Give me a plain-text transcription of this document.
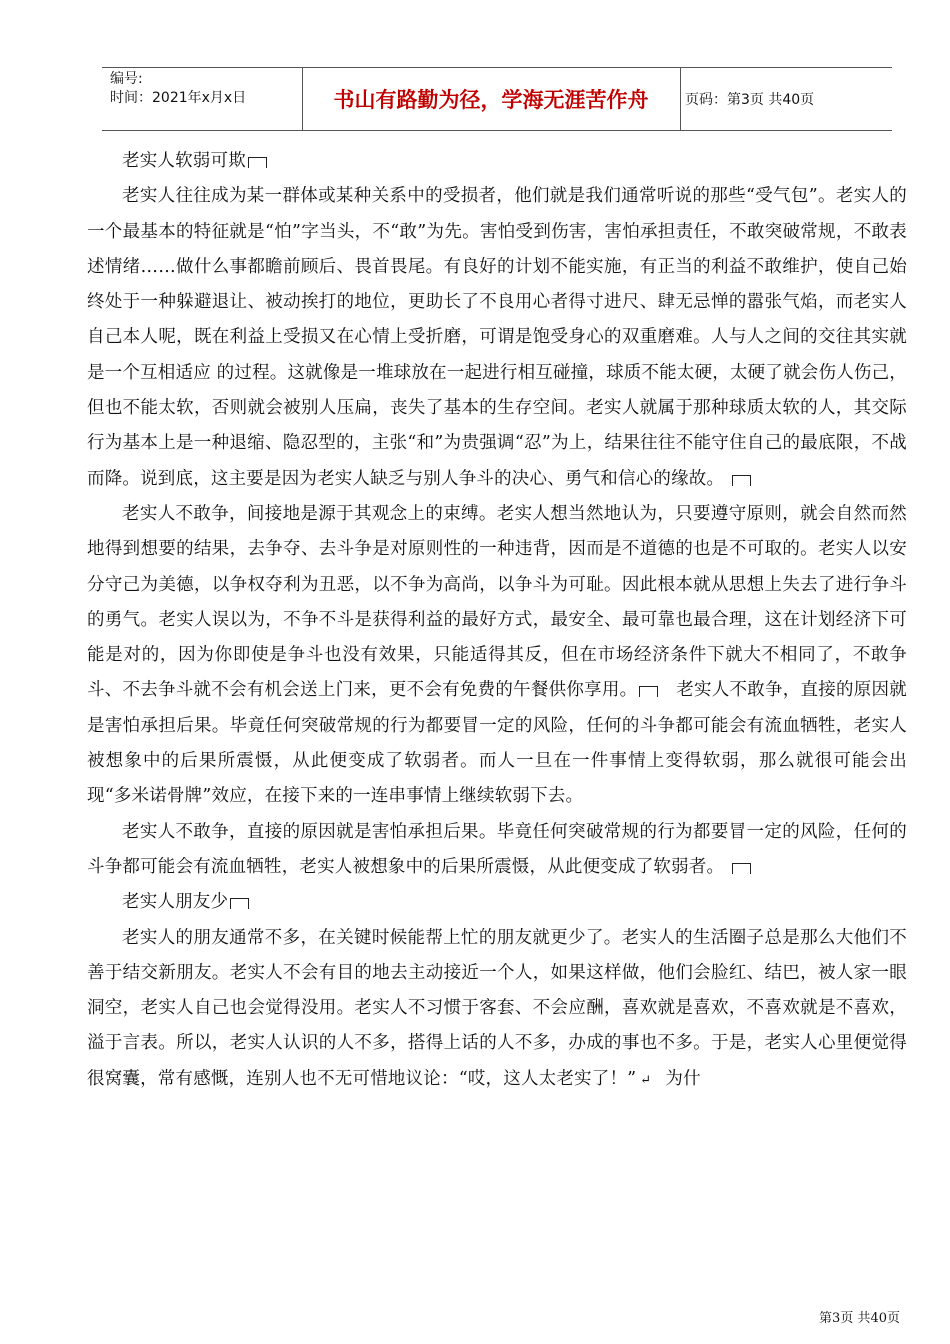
编号:
时间：2021年x月x日	书山有路勤为径，学海无涯苦作舟	页码：第3页 共40页

老实人软弱可欺

老实人往往成为某一群体或某种关系中的受损者，他们就是我们通常听说的那些“受气包”。老实人的一个最基本的特征就是“怕”字当头，不“敢”为先。害怕受到伤害，害怕承担责任，不敢突破常规，不敢表述情绪……做什么事都瞻前顾后、畏首畏尾。有良好的计划不能实施，有正当的利益不敢维护，使自己始终处于一种躲避退让、被动挨打的地位，更助长了不良用心者得寸进尺、肆无忌惮的嚣张气焰，而老实人自己本人呢，既在利益上受损又在心情上受折磨，可谓是饱受身心的双重磨难。人与人之间的交往其实就是一个互相适应 的过程。这就像是一堆球放在一起进行相互碰撞，球质不能太硬，太硬了就会伤人伤己，但也不能太软，否则就会被别人压扁，丧失了基本的生存空间。老实人就属于那种球质太软的人，其交际行为基本上是一种退缩、隐忍型的，主张“和”为贵强调“忍”为上，结果往往不能守住自己的最底限，不战而降。说到底，这主要是因为老实人缺乏与别人争斗的决心、勇气和信心的缘故。

老实人不敢争，间接地是源于其观念上的束缚。老实人想当然地认为，只要遵守原则，就会自然而然地得到想要的结果，去争夺、去斗争是对原则性的一种违背，因而是不道德的也是不可取的。老实人以安分守己为美德，以争权夺利为丑恶，以不争为高尚，以争斗为可耻。因此根本就从思想上失去了进行争斗的勇气。老实人误以为，不争不斗是获得利益的最好方式，最安全、最可靠也最合理，这在计划经济下可能是对的，因为你即使是争斗也没有效果，只能适得其反，但在市场经济条件下就大不相同了，不敢争斗、不去争斗就不会有机会送上门来，更不会有免费的午餐供你享用。　 老实人不敢争，直接的原因就是害怕承担后果。毕竟任何突破常规的行为都要冒一定的风险，任何的斗争都可能会有流血牺牲，老实人被想象中的后果所震慑，从此便变成了软弱者。而人一旦在一件事情上变得软弱，那么就很可能会出现“多米诺骨牌”效应，在接下来的一连串事情上继续软弱下去。

老实人不敢争，直接的原因就是害怕承担后果。毕竟任何突破常规的行为都要冒一定的风险，任何的斗争都可能会有流血牺牲，老实人被想象中的后果所震慑，从此便变成了软弱者。

老实人朋友少

老实人的朋友通常不多，在关键时候能帮上忙的朋友就更少了。老实人的生活圈子总是那么大他们不善于结交新朋友。老实人不会有目的地去主动接近一个人，如果这样做，他们会脸红、结巴，被人家一眼洞空，老实人自己也会觉得没用。老实人不习惯于客套、不会应酬，喜欢就是喜欢，不喜欢就是不喜欢，溢于言表。所以，老实人认识的人不多，搭得上话的人不多，办成的事也不多。于是，老实人心里便觉得很窝囊，常有感慨，连别人也不无可惜地议论：“哎，这人太老实了！” ↵ 为什

第3页 共40页
